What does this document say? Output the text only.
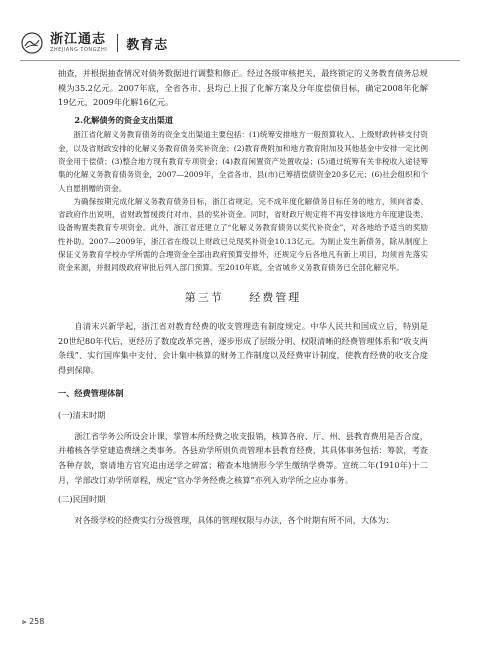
浙江通志
ZHEJIANG TONGZHI 教育志

抽查，并根据抽查情况对债务数据进行调整和修正。经过各级审核把关，最终锁定的义务教育债务总规模为35.2亿元。2007年底，全省各市、县均已上报了化解方案及分年度偿债目标，确定2008年化解19亿元，2009年化解16亿元。

2.化解债务的资金支出渠道

浙江省化解义务教育债务的资金支出渠道主要包括：(1)统筹安排地方一般预算收入、上级财政转移支付资金，以及省财政安排的化解义务教育债务奖补资金；(2)教育费附加和地方教育附加及其他基金中安排一定比例资金用于偿债；(3)整合地方现有教育专项资金；(4)教育闲置资产处置收益；(5)通过统筹有关非税收入途径筹集的化解义务教育债务资金，2007—2009年，全省各市、县(市)已筹措偿债资金20多亿元；(6)社会组织和个人自愿捐赠的资金。

为确保按期完成化解义务教育债务目标，浙江省规定，完不成年度化解债务目标任务的地方，须向省委、省政府作出说明，省财政暂缓拨付对市、县的奖补资金。同时，省财政厅规定将不再安排该地方年度建设类、设备购置类教育专项资金。此外，浙江省还建立了“化解义务教育债务以奖代补资金”，对各地给予适当的奖励性补助。2007—2009年，浙江省在级以上财政已兑现奖补资金10.13亿元。为制止发生新债务，除从制度上保证义务教育学校办学所需的合理资金全部由政府预算安排外，还规定今后各地凡有新上项目，均须首先落实资金来源，并报同级政府审批后列入部门预算。至2010年底，全省城乡义务教育债务已全部化解完毕。

第三节 经费管理

自清末兴新学起，浙江省对教育经费的收支管理迭有制度规定。中华人民共和国成立后，特别是20世纪80年代后，更经历了数度改革完善，逐步形成了层级分明、权限清晰的经费管理体系和“收支两条线”、实行国库集中支付、会计集中核算的财务工作制度以及经费审计制度，使教育经费的收支合度得到保障。

一、经费管理体制

(一)清末时期

浙江省学务公所设会计课，掌管本所经费之收支报销，核算各府、厅、州、县教育费用是否合度，并稽核各学堂建造费缮之类事务。各县劝学所则负责管理本县教育经费，其具体事务包括：筹款，考查各种存款，察请地方官究追由送学之碎富；稽查本地情形今学生缴纳学费等。宣统二年(1910年)十二月，学部改订劝学所章程，规定“官办学务经费之核算”亦列入劝学所之应办事务。

(二)民国时期

对各级学校的经费实行分级管理，具体的管理权限与办法，各个时期有所不同，大体为：

⫸ 258
